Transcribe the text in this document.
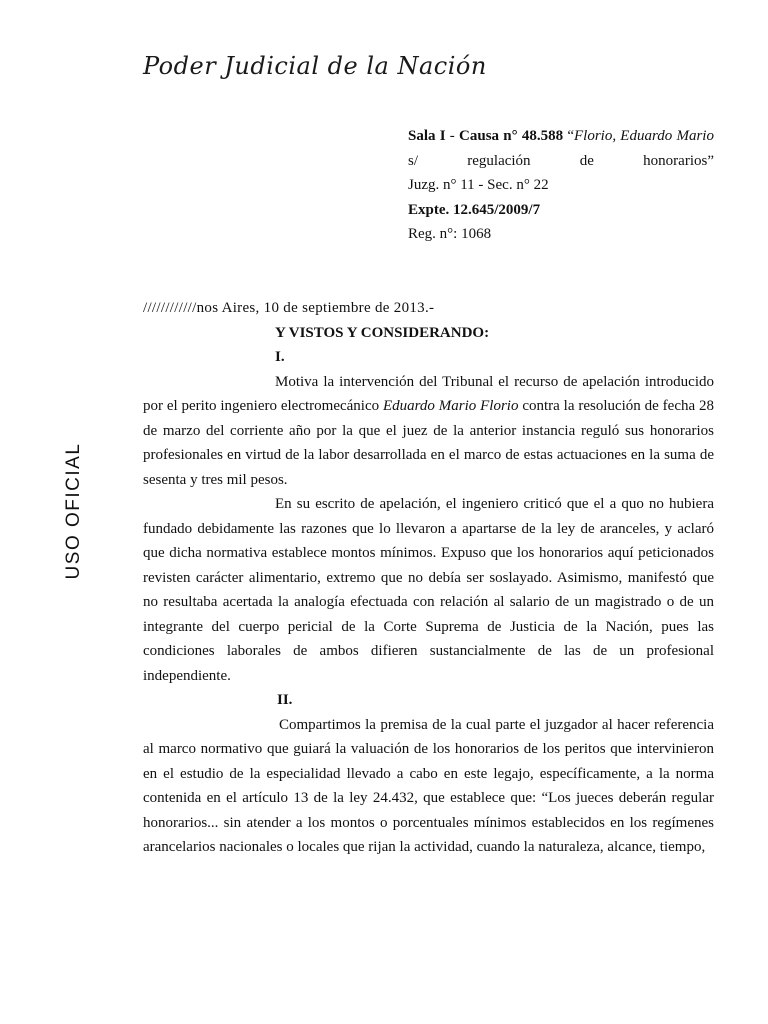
Poder Judicial de la Nación
USO OFICIAL

Sala I - Causa n° 48.588 “Florio, Eduardo Mario s/ regulación de honorarios”

Juzg. n° 11 - Sec. n° 22

Expte. 12.645/2009/7

Reg. n°: 1068

////////////nos Aires, 10 de septiembre de 2013.-

Y VISTOS Y CONSIDERANDO:

I.

Motiva la intervención del Tribunal el recurso de apelación introducido por el perito ingeniero electromecánico Eduardo Mario Florio contra la resolución de fecha 28 de marzo del corriente año por la que el juez de la anterior instancia reguló sus honorarios profesionales en virtud de la labor desarrollada en el marco de estas actuaciones en la suma de sesenta y tres mil pesos.

En su escrito de apelación, el ingeniero criticó que el a quo no hubiera fundado debidamente las razones que lo llevaron a apartarse de la ley de aranceles, y aclaró que dicha normativa establece montos mínimos. Expuso que los honorarios aquí peticionados revisten carácter alimentario, extremo que no debía ser soslayado. Asimismo, manifestó que no resultaba acertada la analogía efectuada con relación al salario de un magistrado o de un integrante del cuerpo pericial de la Corte Suprema de Justicia de la Nación, pues las condiciones laborales de ambos difieren sustancialmente de las de un profesional independiente.

II.

Compartimos la premisa de la cual parte el juzgador al hacer referencia al marco normativo que guiará la valuación de los honorarios de los peritos que intervinieron en el estudio de la especialidad llevado a cabo en este legajo, específicamente, a la norma contenida en el artículo 13 de la ley 24.432, que establece que: “Los jueces deberán regular honorarios... sin atender a los montos o porcentuales mínimos establecidos en los regímenes arancelarios nacionales o locales que rijan la actividad, cuando la naturaleza, alcance, tiempo,
